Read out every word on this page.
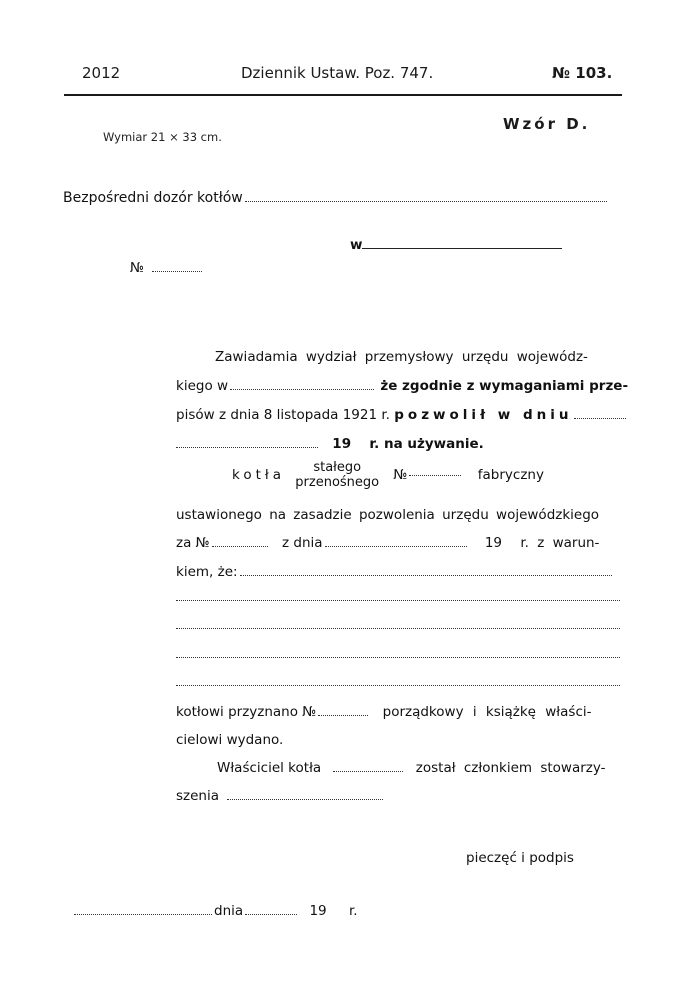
2012	Dziennik Ustaw. Poz. 747.	№ 103.
Wymiar 21 × 33 cm.
Wzór D.
Bezpośredni dozór kotłów
w
№
Zawiadamia wydział przemysłowy urzędu wojewódz-
kiego w	że zgodnie z wymaganiami prze-
pisów z dnia 8 listopada 1921 r. pozwolił w dniu
19 r. na używanie.
kotła	stałego
przenośnego №	fabryczny
ustawionego na zasadzie pozwolenia urzędu wojewódzkiego
za №	z dnia	19 r. z warun-
kiem, że:
kotłowi przyznano №	porządkowy i książkę właści-
cielowi wydano.
Właściciel kotła	został członkiem stowarzy-
szenia
pieczęć i podpis
dnia	19 r.
